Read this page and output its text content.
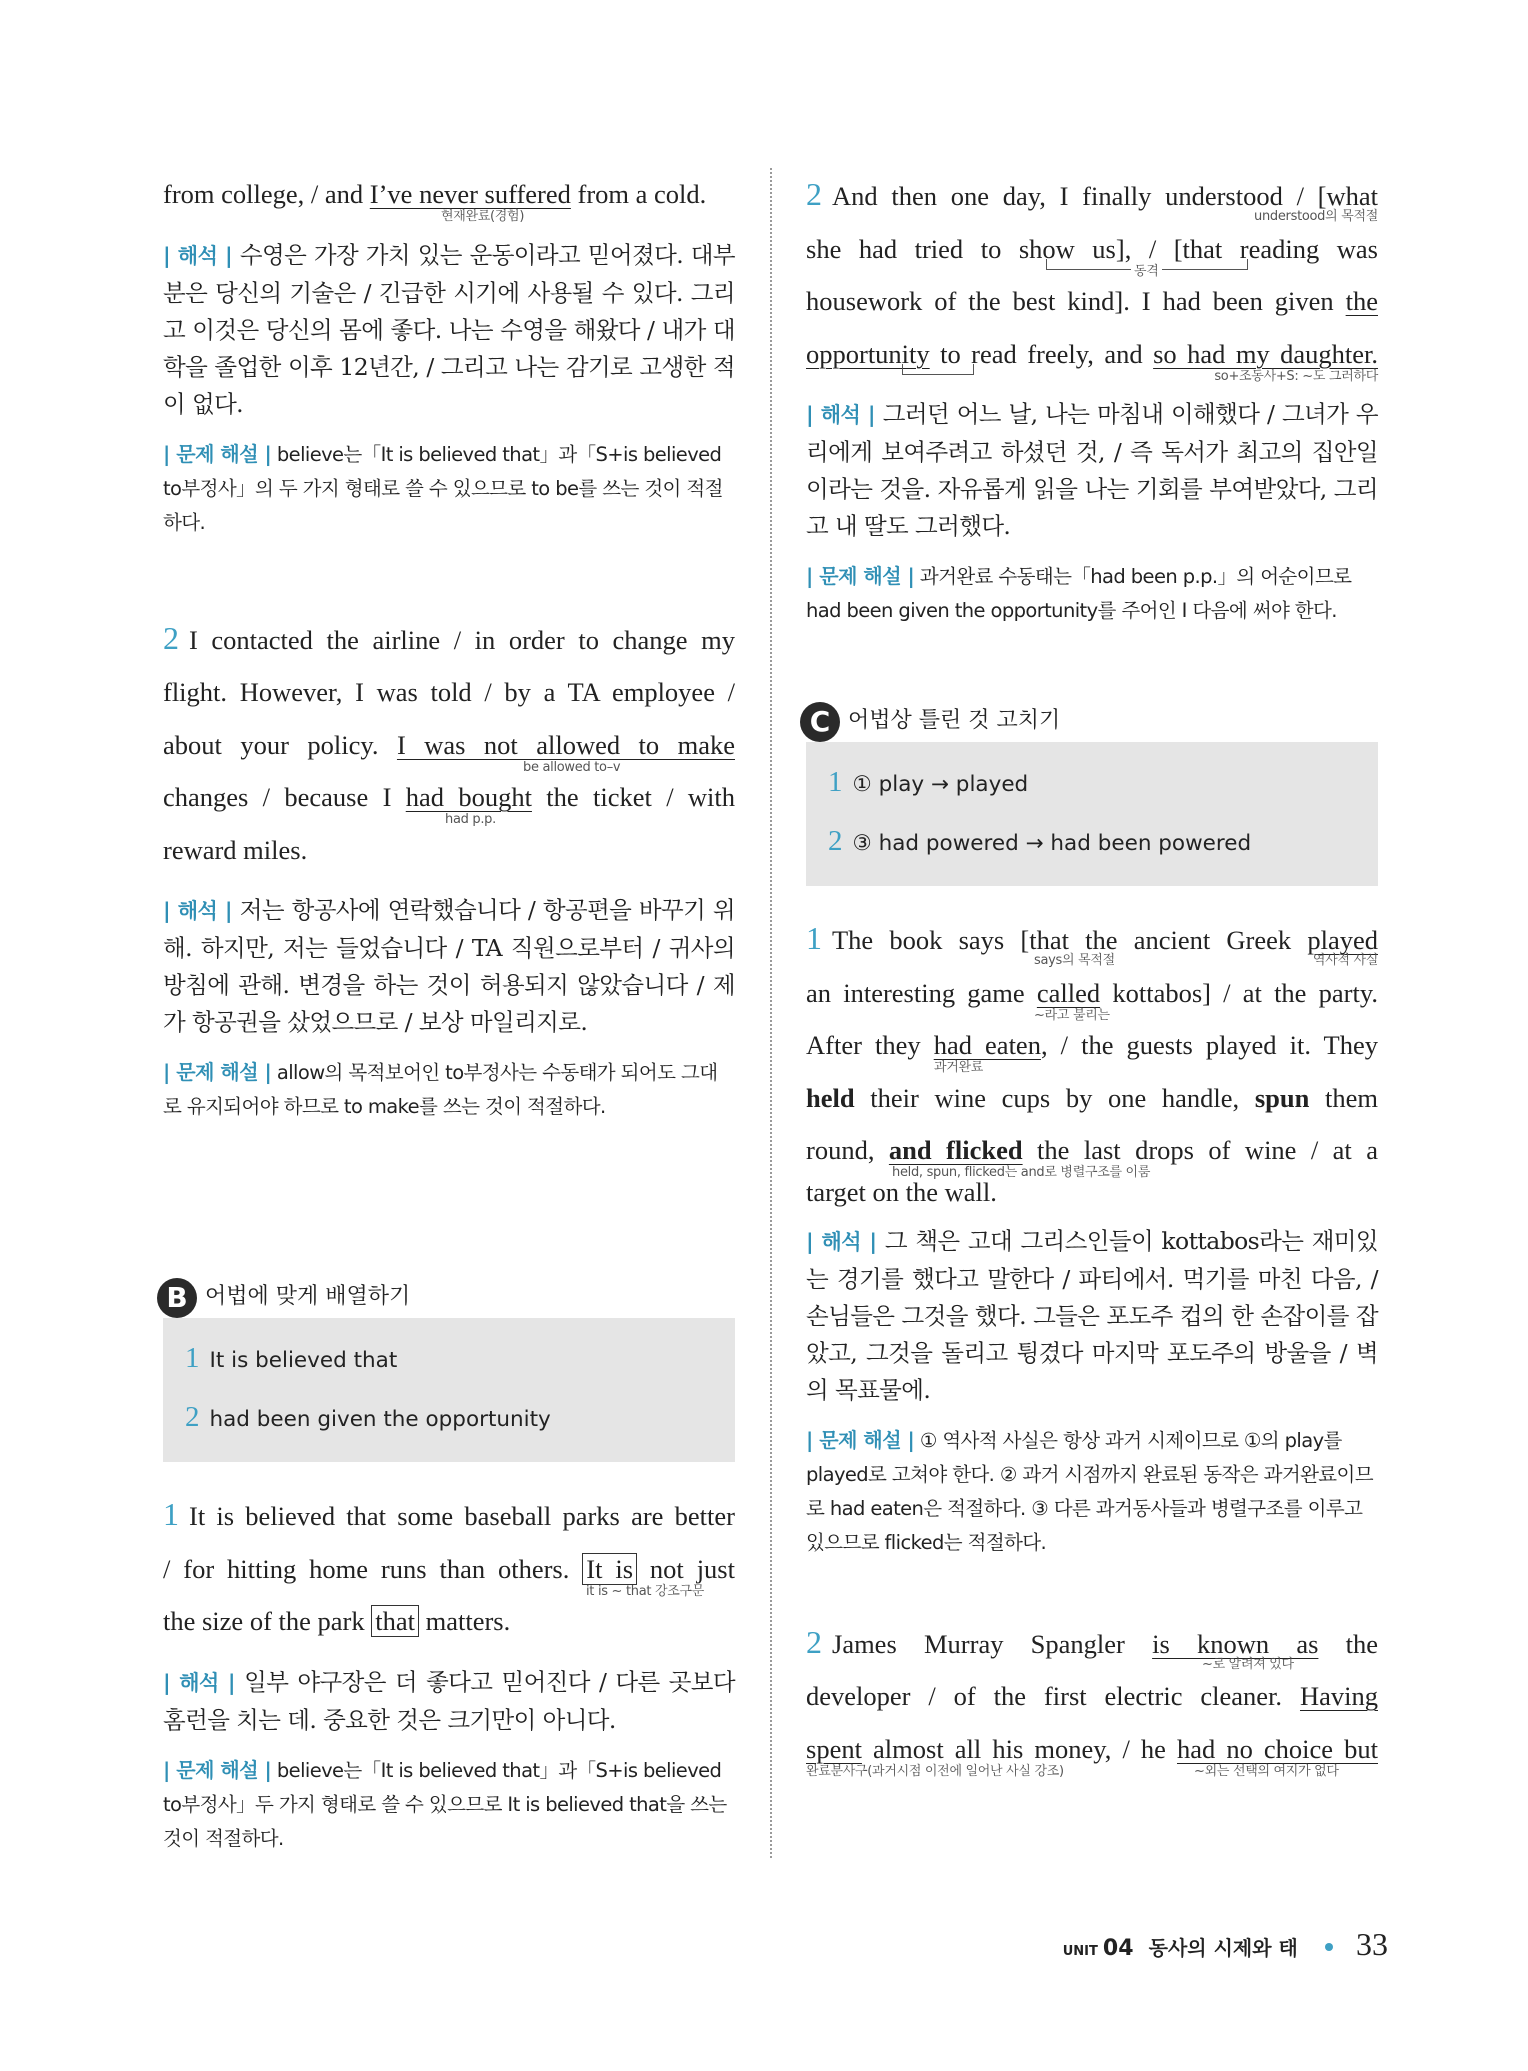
from college, / and I’ve never suffered from a cold.
현재완료(경험)
| 해석 | 수영은 가장 가치 있는 운동이라고 믿어졌다. 대부분은 당신의 기술은 / 긴급한 시기에 사용될 수 있다. 그리고 이것은 당신의 몸에 좋다. 나는 수영을 해왔다 / 내가 대학을 졸업한 이후 12년간, / 그리고 나는 감기로 고생한 적이 없다.
| 문제 해설 | believe는「It is believed that」과「S+is believed to부정사」의 두 가지 형태로 쓸 수 있으므로 to be를 쓰는 것이 적절하다.
2 I contacted the airline / in order to change my
flight. However, I was told / by a TA employee /
about your policy. I was not allowed to make
be allowed to–v
changes / because I had bought the ticket / with
had p.p.
reward miles.
| 해석 | 저는 항공사에 연락했습니다 / 항공편을 바꾸기 위해. 하지만, 저는 들었습니다 / TA 직원으로부터 / 귀사의 방침에 관해. 변경을 하는 것이 허용되지 않았습니다 / 제가 항공권을 샀었으므로 / 보상 마일리지로.
| 문제 해설 | allow의 목적보어인 to부정사는 수동태가 되어도 그대로 유지되어야 하므로 to make를 쓰는 것이 적절하다.
B 어법에 맞게 배열하기
1 It is believed that
2 had been given the opportunity
1 It is believed that some baseball parks are better
/ for hitting home runs than others. It is not just
it is ~ that 강조구문
the size of the park that matters.
| 해석 | 일부 야구장은 더 좋다고 믿어진다 / 다른 곳보다 홈런을 치는 데. 중요한 것은 크기만이 아니다.
| 문제 해설 | believe는「It is believed that」과「S+is believed to부정사」두 가지 형태로 쓸 수 있으므로 It is believed that을 쓰는 것이 적절하다.
2 And then one day, I finally understood / [what
understood의 목적절
she had tried to show us], / [that reading was
동격
housework of the best kind]. I had been given the
opportunity to read freely, and so had my daughter.
so+조동사+S: ~도 그러하다
| 해석 | 그러던 어느 날, 나는 마침내 이해했다 / 그녀가 우리에게 보여주려고 하셨던 것, / 즉 독서가 최고의 집안일이라는 것을. 자유롭게 읽을 나는 기회를 부여받았다, 그리고 내 딸도 그러했다.
| 문제 해설 | 과거완료 수동태는「had been p.p.」의 어순이므로 had been given the opportunity를 주어인 I 다음에 써야 한다.
C 어법상 틀린 것 고치기
1 ① play → played
2 ③ had powered → had been powered
1 The book says [that the ancient Greek played
says의 목적절	역사적 사실
an interesting game called kottabos] / at the party.
~라고 불리는
After they had eaten, / the guests played it. They
과거완료
held their wine cups by one handle, spun them
round, and flicked the last drops of wine / at a
held, spun, flicked는 and로 병렬구조를 이룸
target on the wall.
| 해석 | 그 책은 고대 그리스인들이 kottabos라는 재미있는 경기를 했다고 말한다 / 파티에서. 먹기를 마친 다음, / 손님들은 그것을 했다. 그들은 포도주 컵의 한 손잡이를 잡았고, 그것을 돌리고 튕겼다 마지막 포도주의 방울을 / 벽의 목표물에.
| 문제 해설 | ① 역사적 사실은 항상 과거 시제이므로 ①의 play를 played로 고쳐야 한다. ② 과거 시점까지 완료된 동작은 과거완료이므로 had eaten은 적절하다. ③ 다른 과거동사들과 병렬구조를 이루고 있으므로 flicked는 적절하다.
2 James Murray Spangler is known as the
~로 알려져 있다
developer / of the first electric cleaner. Having
spent almost all his money, / he had no choice but
완료분사구(과거시점 이전에 일어난 사실 강조)	~외는 선택의 여지가 없다
UNIT 04 동사의 시제와 태 33
